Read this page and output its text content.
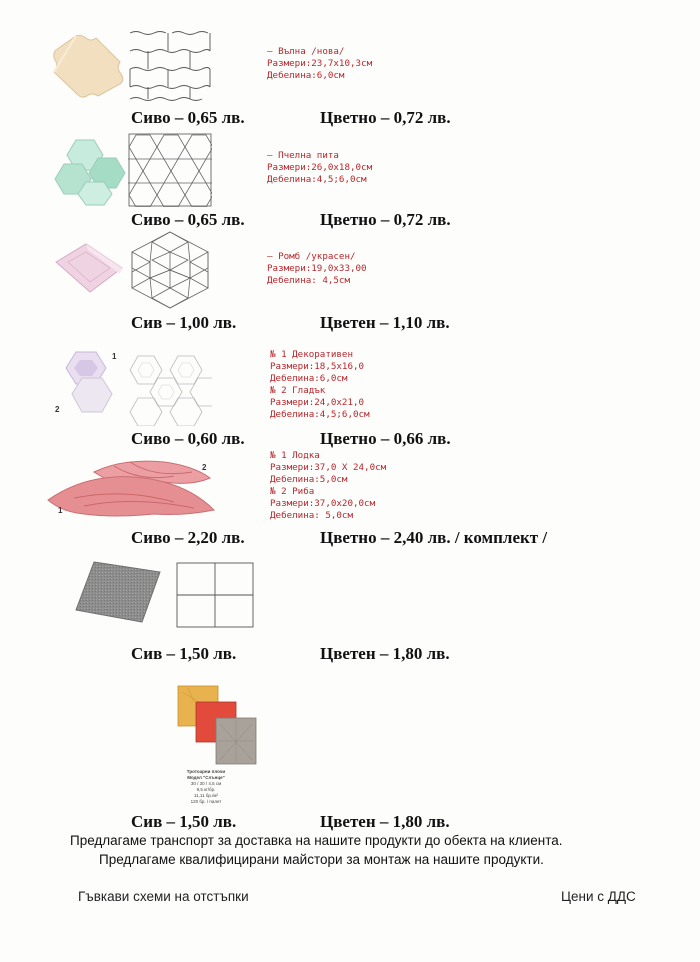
– Вълна /нова/
Размери:23,7х10,3см
Дебелина:6,0см
Сиво – 0,65 лв.	Цветно – 0,72 лв.
– Пчелна пита
Размери:26,0х18,0см
Дебелина:4,5;6,0см
Сиво – 0,65 лв.	Цветно – 0,72 лв.
– Ромб /украсен/
Размери:19,0х33,00
Дебелина: 4,5см
Сив – 1,00 лв.	Цветен – 1,10 лв.
1
2
№ 1 Декоративен
Размери:18,5х16,0
Дебелина:6,0см
№ 2 Гладък
Размери:24,0х21,0
Дебелина:4,5;6,0см
Сиво – 0,60 лв.	Цветно – 0,66 лв.
2
1
№ 1 Лодка
Размери:37,0 Х 24,0см
Дебелина:5,0см
№ 2 Риба
Размери:37,0х20,0см
Дебелина: 5,0см
Сиво – 2,20 лв.	Цветно – 2,40 лв. / комплект /
Сив – 1,50 лв.	Цветен – 1,80 лв.
Тротоарни плочи
Модел "Слънце"
30 / 30 / 4,5 см
9,5 кг/бр.
11,11 бр./м²
120 бр. / палет
Сив – 1,50 лв.	Цветен – 1,80 лв.
Предлагаме транспорт за доставка на нашите продукти до обекта на клиента.
Предлагаме квалифицирани майстори за монтаж на нашите продукти.
Гъвкави схеми на отстъпки	Цени с ДДС
